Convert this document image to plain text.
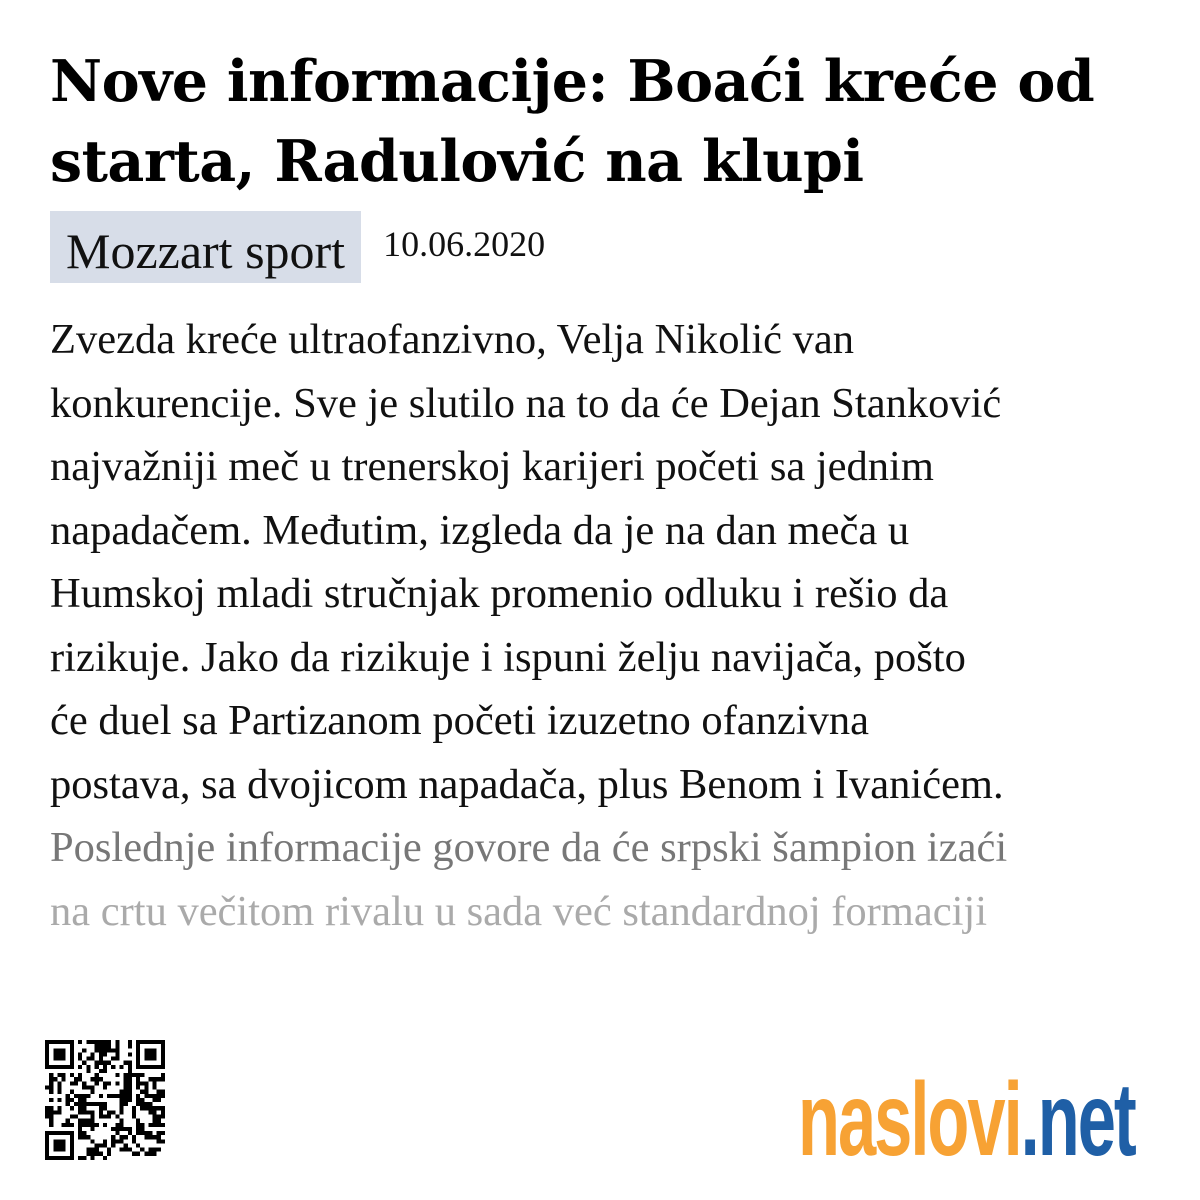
Nove informacije: Boaći kreće od starta, Radulović na klupi
Mozzart sport	10.06.2020
Zvezda kreće ultraofanzivno, Velja Nikolić van
konkurencije. Sve je slutilo na to da će Dejan Stanković
najvažniji meč u trenerskoj karijeri početi sa jednim
napadačem. Međutim, izgleda da je na dan meča u
Humskoj mladi stručnjak promenio odluku i rešio da
rizikuje. Jako da rizikuje i ispuni želju navijača, pošto
će duel sa Partizanom početi izuzetno ofanzivna
postava, sa dvojicom napadača, plus Benom i Ivanićem.
Poslednje informacije govore da će srpski šampion izaći
na crtu večitom rivalu u sada već standardnoj formaciji
naslovi .net
